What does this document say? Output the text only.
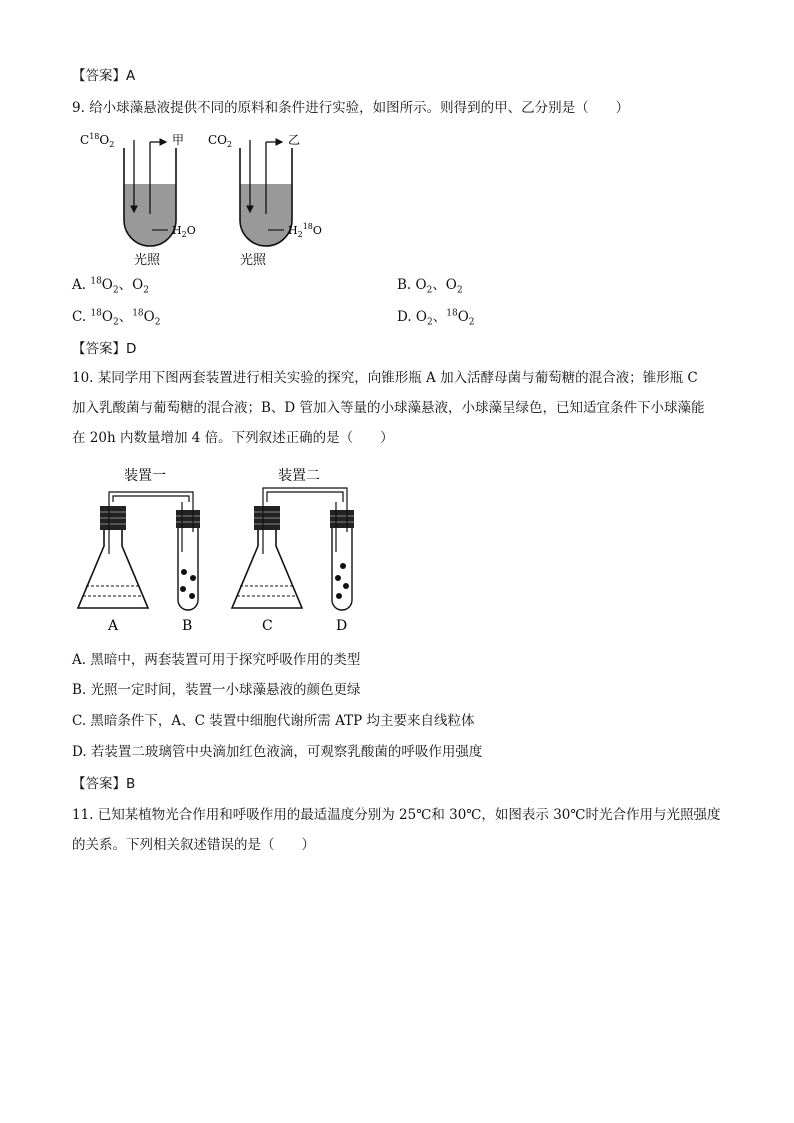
【答案】A
9. 给小球藻悬液提供不同的原料和条件进行实验，如图所示。则得到的甲、乙分别是（　　）
$C^{18}O_2$	甲
$H_2O$
光照
$CO_2$	乙
$H_2^{18}O$
光照
A. $^{18}O_2$、$O_2$	B. $O_2$、$O_2$
C. $^{18}O_2$、$^{18}O_2$	D. $O_2$、$^{18}O_2$
【答案】D
10. 某同学用下图两套装置进行相关实验的探究，向锥形瓶 A 加入活酵母菌与葡萄糖的混合液；锥形瓶 C
加入乳酸菌与葡萄糖的混合液；B、D 管加入等量的小球藻悬液，小球藻呈绿色，已知适宜条件下小球藻能
在 20h 内数量增加 4 倍。下列叙述正确的是（　　）
装置一	装置二
A	B	C	D
A. 黑暗中，两套装置可用于探究呼吸作用的类型
B. 光照一定时间，装置一小球藻悬液的颜色更绿
C. 黑暗条件下，A、C 装置中细胞代谢所需 ATP 均主要来自线粒体
D. 若装置二玻璃管中央滴加红色液滴，可观察乳酸菌的呼吸作用强度
【答案】B
11. 已知某植物光合作用和呼吸作用的最适温度分别为 25℃和 30℃，如图表示 30℃时光合作用与光照强度
的关系。下列相关叙述错误的是（　　）
